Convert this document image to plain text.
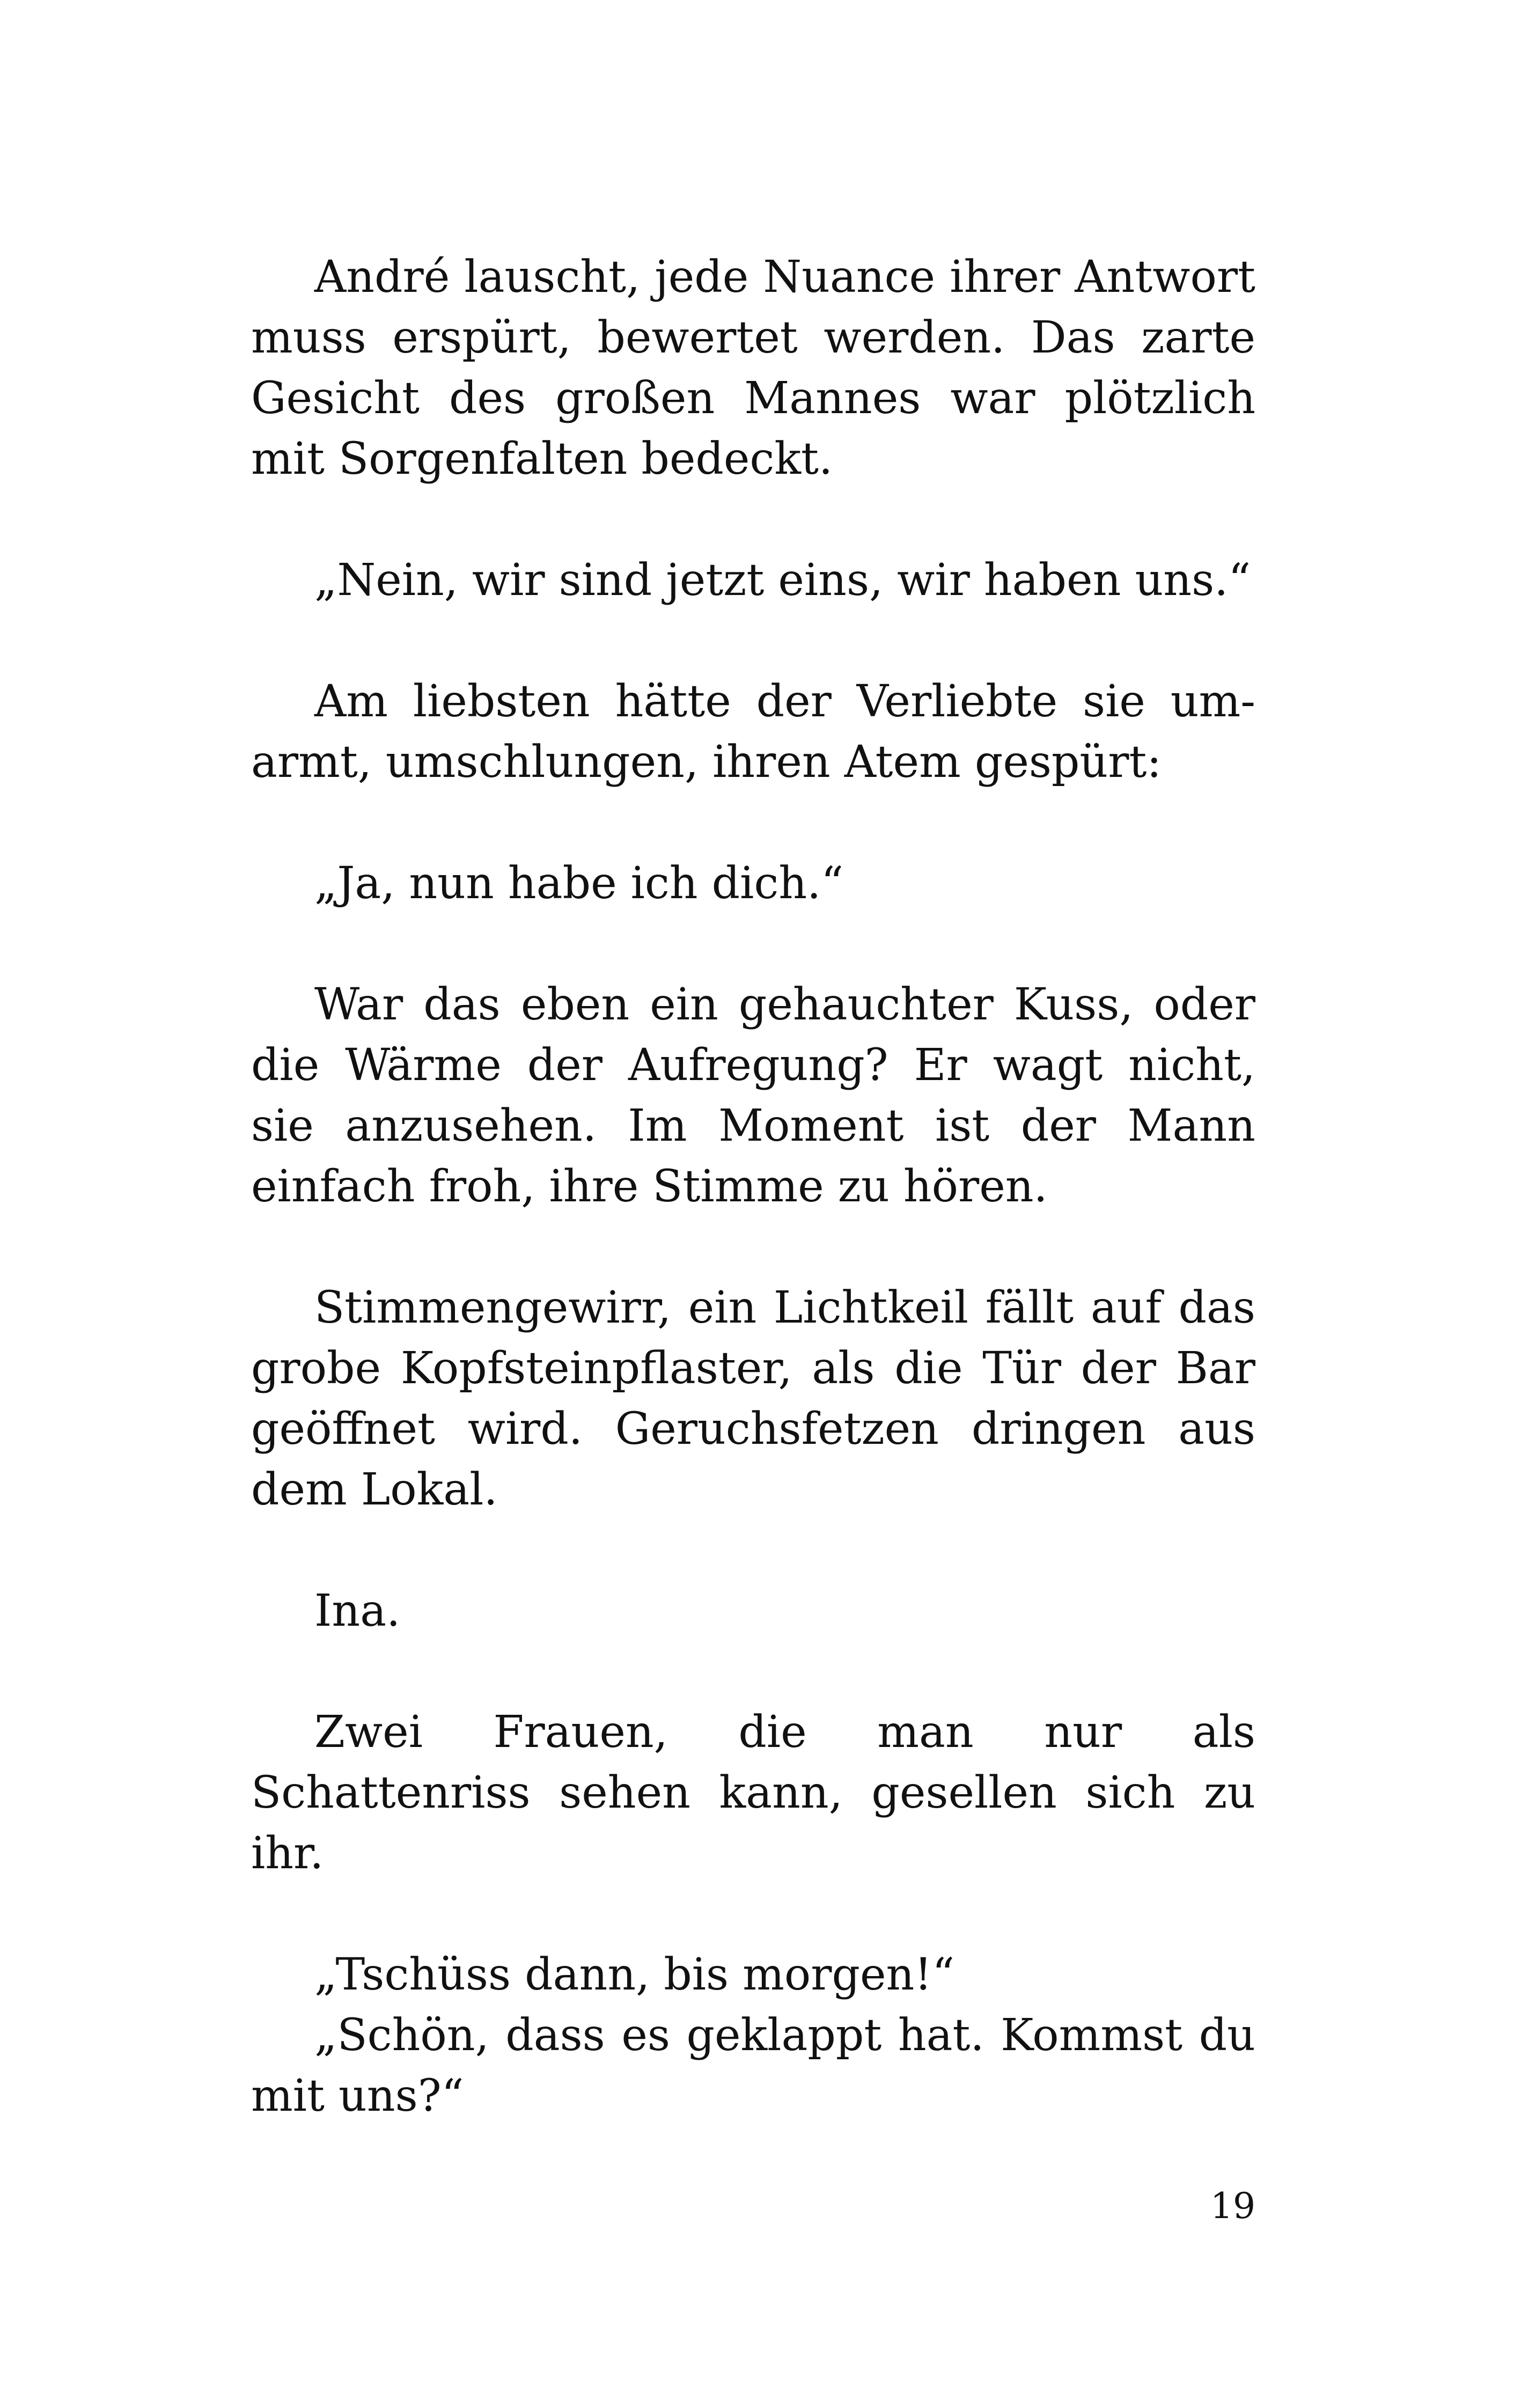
André lauscht, jede Nuance ihrer Antwort muss erspürt, bewertet werden. Das zarte Gesicht des großen Mannes war plötzlich mit Sorgenfalten bedeckt.

„Nein, wir sind jetzt eins, wir haben uns.“

Am liebsten hätte der Verliebte sie umarmt, umschlungen, ihren Atem gespürt:

„Ja, nun habe ich dich.“

War das eben ein gehauchter Kuss, oder die Wärme der Aufregung? Er wagt nicht, sie anzusehen. Im Moment ist der Mann einfach froh, ihre Stimme zu hören.

Stimmengewirr, ein Lichtkeil fällt auf das grobe Kopfsteinpflaster, als die Tür der Bar geöffnet wird. Geruchsfetzen dringen aus dem Lokal.

Ina.

Zwei Frauen, die man nur als Schattenriss sehen kann, gesellen sich zu ihr.

„Tschüss dann, bis morgen!“

„Schön, dass es geklappt hat. Kommst du mit uns?“

19
